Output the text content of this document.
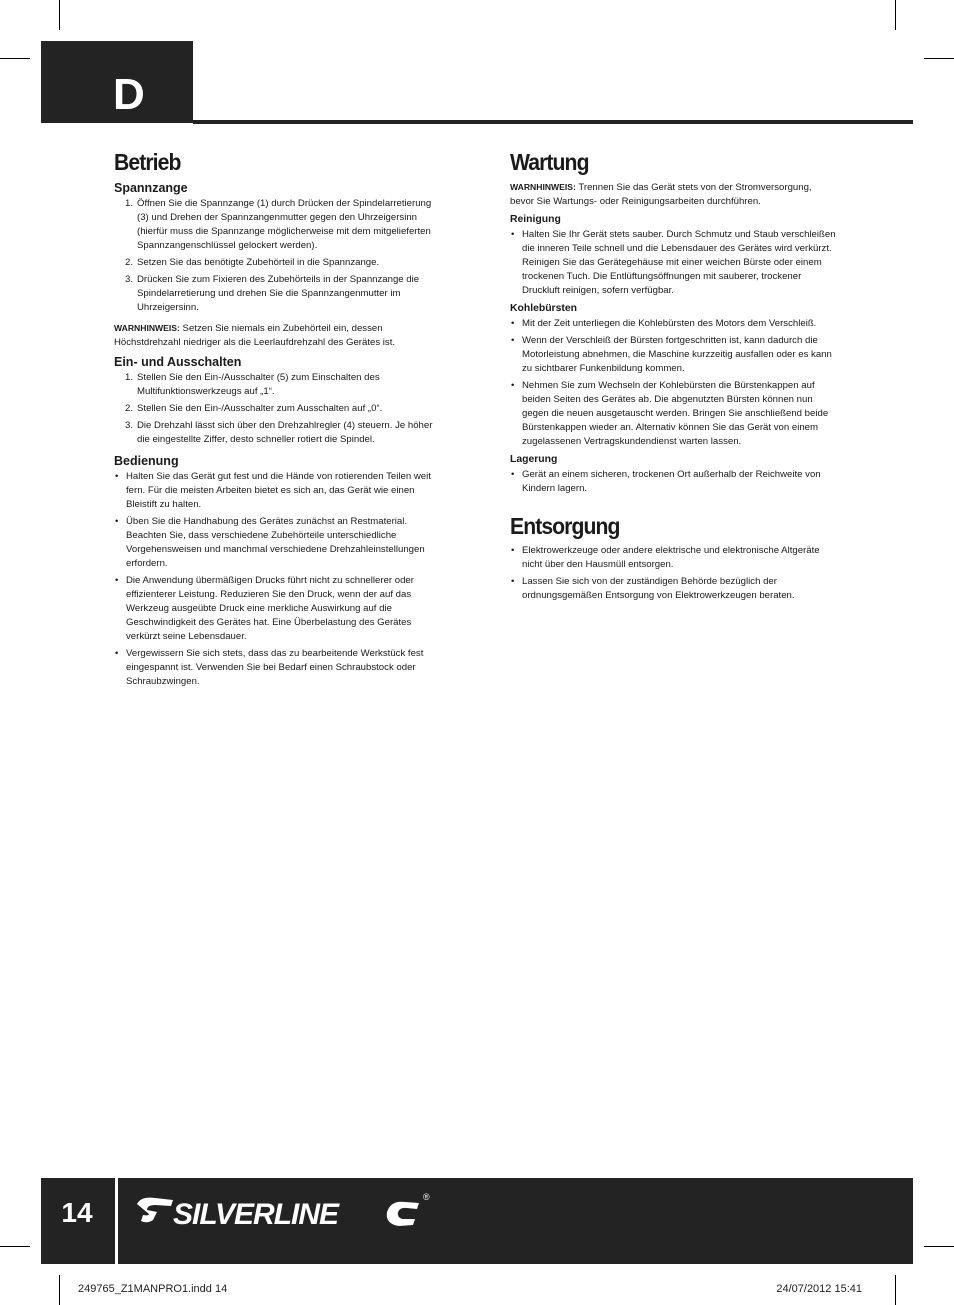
D
Betrieb
Spannzange
1. Öffnen Sie die Spannzange (1) durch Drücken der Spindelarretierung (3) und Drehen der Spannzangenmutter gegen den Uhrzeigersinn (hierfür muss die Spannzange möglicherweise mit dem mitgelieferten Spannzangenschlüssel gelockert werden).
2. Setzen Sie das benötigte Zubehörteil in die Spannzange.
3. Drücken Sie zum Fixieren des Zubehörteils in der Spannzange die Spindelarretierung und drehen Sie die Spannzangenmutter im Uhrzeigersinn.

WARNHINWEIS: Setzen Sie niemals ein Zubehörteil ein, dessen Höchstdrehzahl niedriger als die Leerlaufdrehzahl des Gerätes ist.

Ein- und Ausschalten
1. Stellen Sie den Ein-/Ausschalter (5) zum Einschalten des Multifunktionswerkzeugs auf „1“.
2. Stellen Sie den Ein-/Ausschalter zum Ausschalten auf „0“.
3. Die Drehzahl lässt sich über den Drehzahlregler (4) steuern. Je höher die eingestellte Ziffer, desto schneller rotiert die Spindel.
Bedienung
• Halten Sie das Gerät gut fest und die Hände von rotierenden Teilen weit fern. Für die meisten Arbeiten bietet es sich an, das Gerät wie einen Bleistift zu halten.
• Üben Sie die Handhabung des Gerätes zunächst an Restmaterial. Beachten Sie, dass verschiedene Zubehörteile unterschiedliche Vorgehensweisen und manchmal verschiedene Drehzahleinstellungen erfordern.
• Die Anwendung übermäßigen Drucks führt nicht zu schnellerer oder effizienterer Leistung. Reduzieren Sie den Druck, wenn der auf das Werkzeug ausgeübte Druck eine merkliche Auswirkung auf die Geschwindigkeit des Gerätes hat. Eine Überbelastung des Gerätes verkürzt seine Lebensdauer.
• Vergewissern Sie sich stets, dass das zu bearbeitende Werkstück fest eingespannt ist. Verwenden Sie bei Bedarf einen Schraubstock oder Schraubzwingen.
Wartung

WARNHINWEIS: Trennen Sie das Gerät stets von der Stromversorgung, bevor Sie Wartungs- oder Reinigungsarbeiten durchführen.

Reinigung
• Halten Sie Ihr Gerät stets sauber. Durch Schmutz und Staub verschleißen die inneren Teile schnell und die Lebensdauer des Gerätes wird verkürzt. Reinigen Sie das Gerätegehäuse mit einer weichen Bürste oder einem trockenen Tuch. Die Entlüftungsöffnungen mit sauberer, trockener Druckluft reinigen, sofern verfügbar.
Kohlebürsten
• Mit der Zeit unterliegen die Kohlebürsten des Motors dem Verschleiß.
• Wenn der Verschleiß der Bürsten fortgeschritten ist, kann dadurch die Motorleistung abnehmen, die Maschine kurzzeitig ausfallen oder es kann zu sichtbarer Funkenbildung kommen.
• Nehmen Sie zum Wechseln der Kohlebürsten die Bürstenkappen auf beiden Seiten des Gerätes ab. Die abgenutzten Bürsten können nun gegen die neuen ausgetauscht werden. Bringen Sie anschließend beide Bürstenkappen wieder an. Alternativ können Sie das Gerät von einem zugelassenen Vertragskundendienst warten lassen.
Lagerung
• Gerät an einem sicheren, trockenen Ort außerhalb der Reichweite von Kindern lagern.
Entsorgung
• Elektrowerkzeuge oder andere elektrische und elektronische Altgeräte nicht über den Hausmüll entsorgen.
• Lassen Sie sich von der zuständigen Behörde bezüglich der ordnungsgemäßen Entsorgung von Elektrowerkzeugen beraten.
14	SILVERLINE
®
249765_Z1MANPRO1.indd 14	24/07/2012 15:41
